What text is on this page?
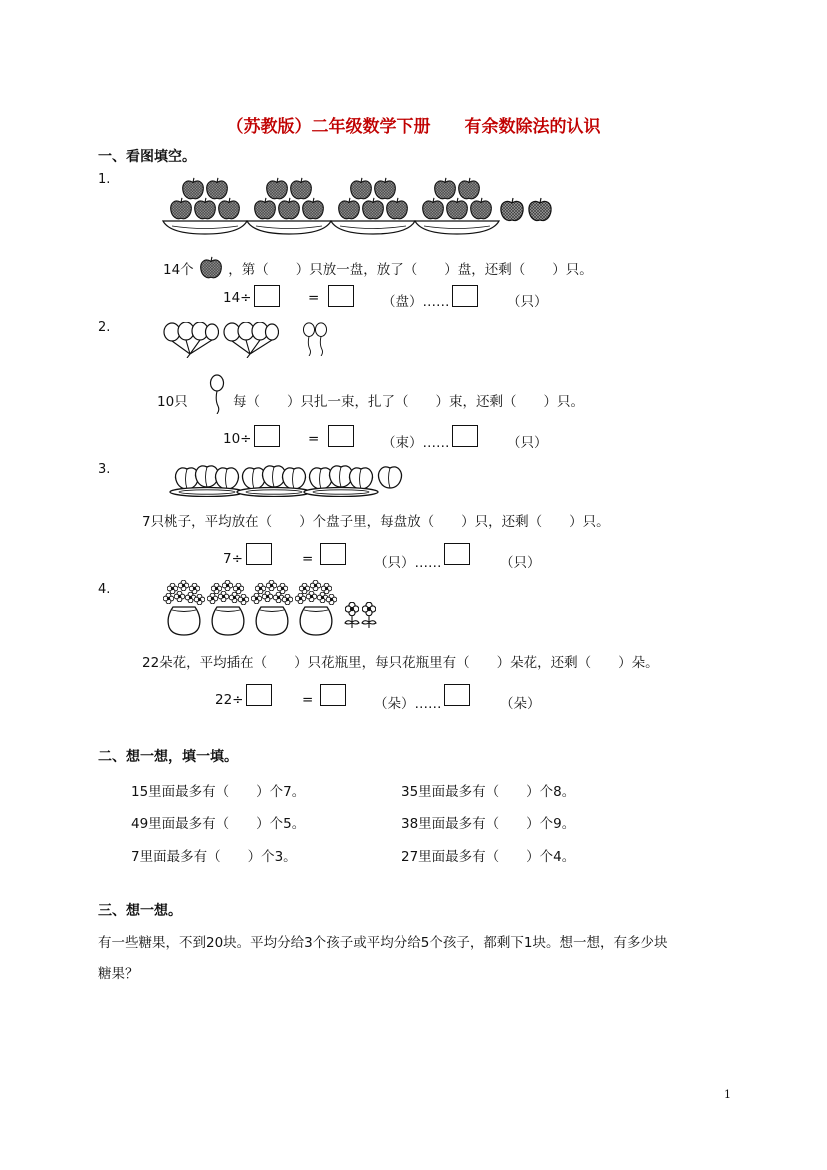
（苏教版）二年级数学下册 有余数除法的认识
一、看图填空。
1.
14个	，第（　　）只放一盘，放了（　　）盘，还剩（　　）只。
14÷	=	（盘）……	（只）
2.
10只	每（　　）只扎一束，扎了（　　）束，还剩（　　）只。
10÷	=	（束）……	（只）
3.
7只桃子，平均放在（　　）个盘子里，每盘放（　　）只，还剩（　　）只。
7÷	=	（只）……	（只）
4.
22朵花，平均插在（　　）只花瓶里，每只花瓶里有（　　）朵花，还剩（　　）朵。
22÷	=	（朵）……	（朵）
二、想一想，填一填。
15里面最多有（　　）个7。	35里面最多有（　　）个8。
49里面最多有（　　）个5。	38里面最多有（　　）个9。
7里面最多有（　　）个3。	27里面最多有（　　）个4。
三、想一想。
有一些糖果，不到20块。平均分给3个孩子或平均分给5个孩子，都剩下1块。想一想，有多少块
糖果？
1
